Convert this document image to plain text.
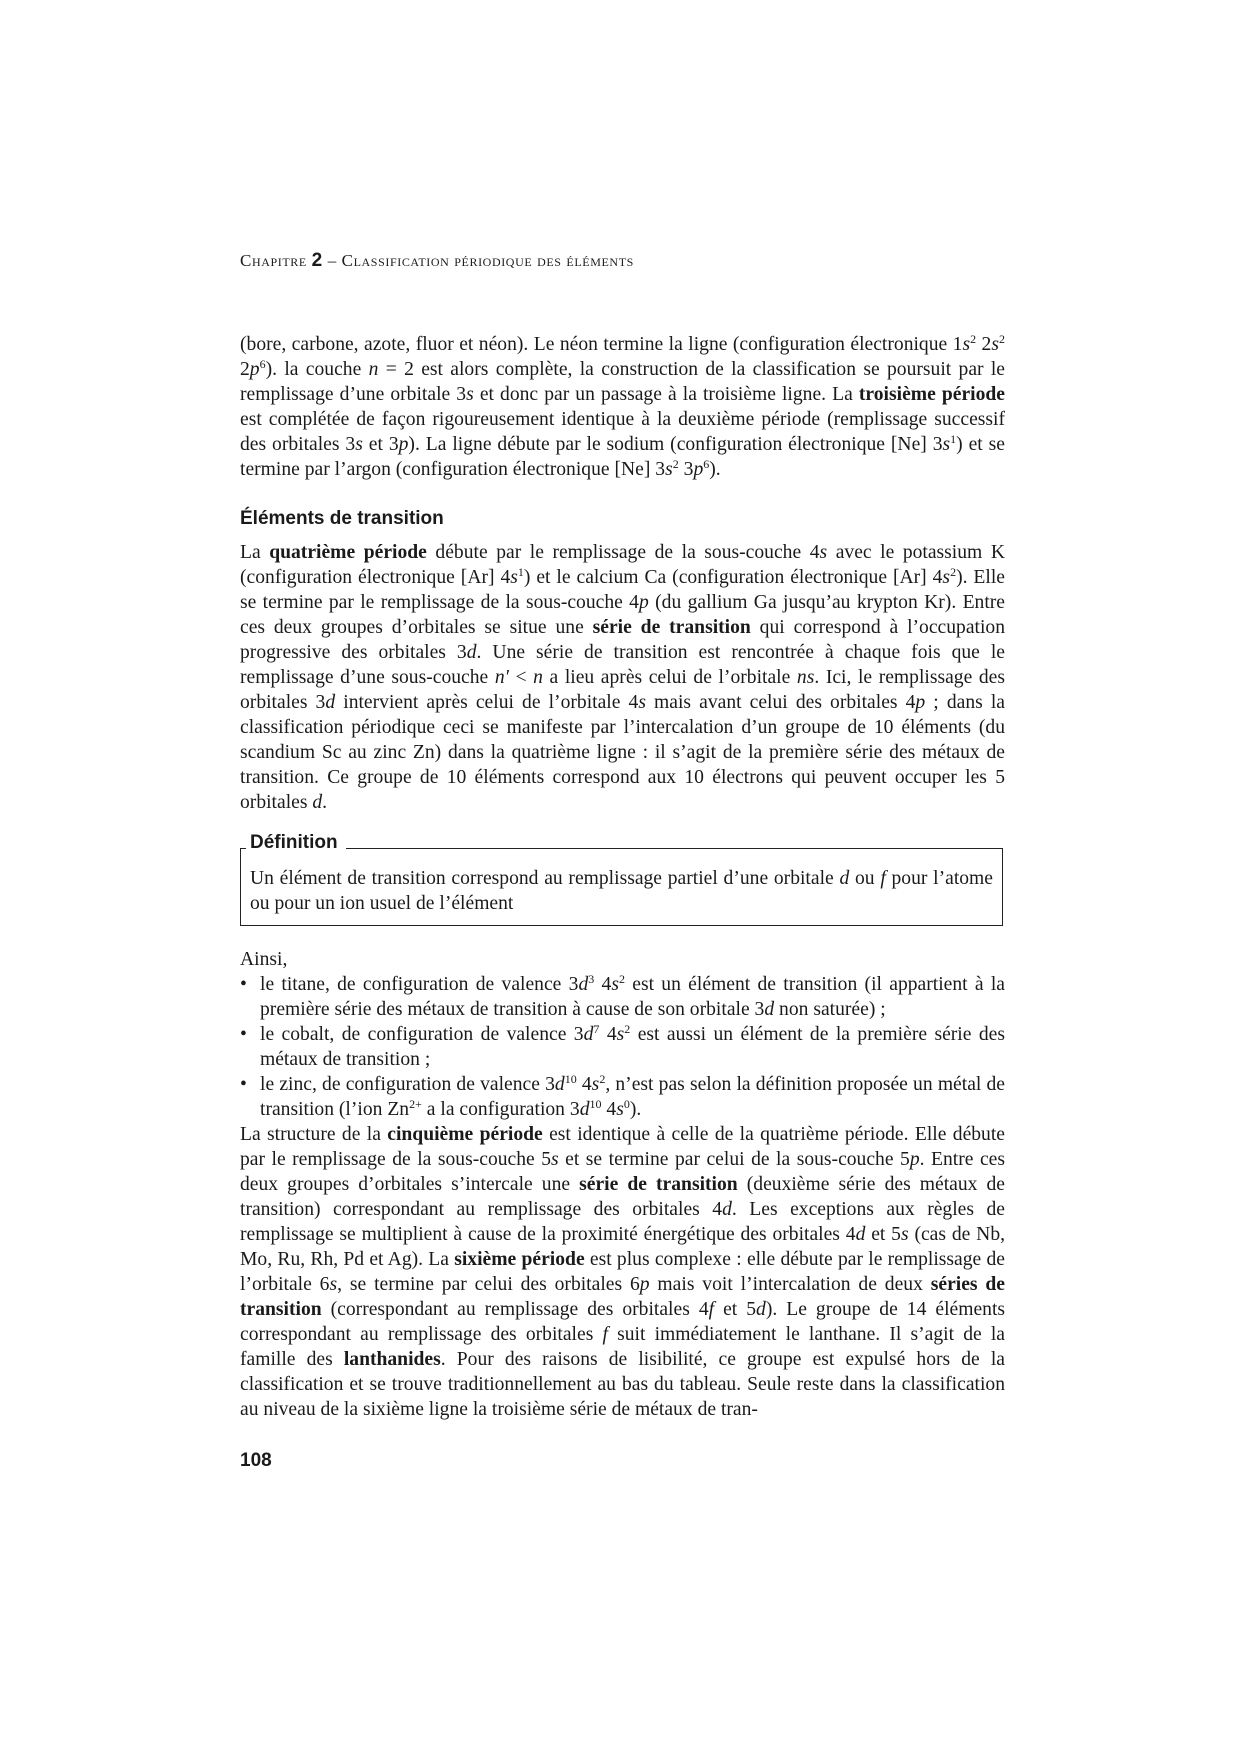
Chapitre 2 – Classification périodique des éléments

(bore, carbone, azote, fluor et néon). Le néon termine la ligne (configuration électronique $1s^2$ $2s^2$ $2p^6$). la couche n = 2 est alors complète, la construction de la classification se poursuit par le remplissage d’une orbitale 3s et donc par un passage à la troisième ligne. La troisième période est complétée de façon rigoureusement identique à la deuxième période (remplissage successif des orbitales 3s et 3p). La ligne débute par le sodium (configuration électronique [Ne] $3s^1$) et se termine par l’argon (configuration électronique [Ne] $3s^2$ $3p^6$).

Éléments de transition

La quatrième période débute par le remplissage de la sous-couche 4s avec le potassium K (configuration électronique [Ar] $4s^1$) et le calcium Ca (configuration électronique [Ar] $4s^2$). Elle se termine par le remplissage de la sous-couche 4p (du gallium Ga jusqu’au krypton Kr). Entre ces deux groupes d’orbitales se situe une série de transition qui correspond à l’occupation progressive des orbitales 3d. Une série de transition est rencontrée à chaque fois que le remplissage d’une sous-couche n′ < n a lieu après celui de l’orbitale ns. Ici, le remplissage des orbitales 3d intervient après celui de l’orbitale 4s mais avant celui des orbitales 4p ; dans la classification périodique ceci se manifeste par l’intercalation d’un groupe de 10 éléments (du scandium Sc au zinc Zn) dans la quatrième ligne : il s’agit de la première série des métaux de transition. Ce groupe de 10 éléments correspond aux 10 électrons qui peuvent occuper les 5 orbitales d.

Définition
Un élément de transition correspond au remplissage partiel d’une orbitale d ou f pour l’atome ou pour un ion usuel de l’élément

Ainsi,

• le titane, de configuration de valence $3d^3$ $4s^2$ est un élément de transition (il appartient à la première série des métaux de transition à cause de son orbitale 3d non saturée) ;
• le cobalt, de configuration de valence $3d^7$ $4s^2$ est aussi un élément de la première série des métaux de transition ;
• le zinc, de configuration de valence $3d^{10}$ $4s^2$, n’est pas selon la définition proposée un métal de transition (l’ion $Zn^{2+}$ a la configuration $3d^{10}$ $4s^0$).

La structure de la cinquième période est identique à celle de la quatrième période. Elle débute par le remplissage de la sous-couche 5s et se termine par celui de la sous-couche 5p. Entre ces deux groupes d’orbitales s’intercale une série de transition (deuxième série des métaux de transition) correspondant au remplissage des orbitales 4d. Les exceptions aux règles de remplissage se multiplient à cause de la proximité énergétique des orbitales 4d et 5s (cas de Nb, Mo, Ru, Rh, Pd et Ag). La sixième période est plus complexe : elle débute par le remplissage de l’orbitale 6s, se termine par celui des orbitales 6p mais voit l’intercalation de deux séries de transition (correspondant au remplissage des orbitales 4f et 5d). Le groupe de 14 éléments correspondant au remplissage des orbitales f suit immédiatement le lanthane. Il s’agit de la famille des lanthanides. Pour des raisons de lisibilité, ce groupe est expulsé hors de la classification et se trouve traditionnellement au bas du tableau. Seule reste dans la classification au niveau de la sixième ligne la troisième série de métaux de tran-

108
